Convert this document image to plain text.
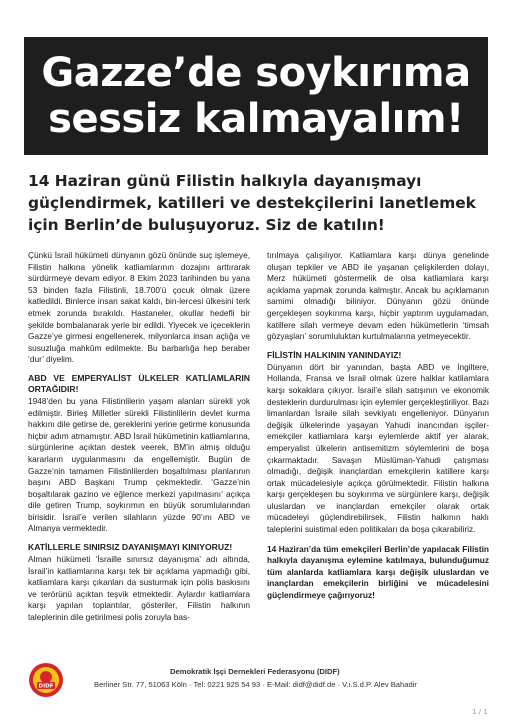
Gazze’de soykırıma
sessiz kalmayalım!
14 Haziran günü Filistin halkıyla dayanışmayı güçlendirmek, katilleri ve destekçilerini lanetlemek için Berlin’de buluşuyoruz. Siz de katılın!

Çünkü İsrail hükümeti dünyanın gözü önünde suç işlemeye, Filistin halkına yönelik katliamlarının dozajını arttırarak sürdürmeye devam ediyor. 8 Ekim 2023 tarihinden bu yana 53 binden fazla Filistinli, 18.700’ü çocuk olmak üzere katledildi. Binlerce insan sakat kaldı, bin-lercesi ülkesini terk etmek zorunda bırakıldı. Hastaneler, okullar hedefli bir şekilde bombalanarak yerle bir edildi. Yiyecek ve içeceklerin Gazze’ye girmesi engellenerek, milyonlarca insan açlığa ve susuzluğa mahkûm edilmekte. Bu barbarlığa hep beraber ‘dur’ diyelim.

ABD VE EMPERYALİST ÜLKELER KATLİAMLARIN ORTAĞIDIR!

1948’den bu yana Filistinlilerin yaşam alanları sürekli yok edilmiştir. Birleş Milletler sürekli Filistinlilerin devlet kurma hakkını dile getirse de, gereklerini yerine getirme konusunda hiçbir adım atmamıştır. ABD İsrail hükümetinin katliamlarına, sürgünlerine açıktan destek veerek, BM’in almış olduğu kararların uygulanmasını da engellemiştir. Bugün de Gazze’nin tamamen Filistinlilerden boşaltılması planlarının başını ABD Başkanı Trump çekmektedir. ‘Gazze’nin boşaltılarak gazino ve eğlence merkezi yapılmasını’ açıkça dile getiren Trump, soykırımın en büyük sorumlularından birisidir. İsrail’e verilen silahların yüzde 90’ını ABD ve Almanya vermektedir.

KATİLLERLE SINIRSIZ DAYANIŞMAYI KINIYORUZ!

Alman hükümeti ‘İsraille sınırsız dayanışma’ adı altında, İsrail’in katliamlarına karşı tek bir açıklama yapmadığı gibi, katliamlara karşı çıkanları da susturmak için polis baskısını ve terörünü açıktan teşvik etmektedir. Aylardır katliamlara karşı yapılan toplantılar, gösteriler, Filistin halkının taleplerinin dile getirilmesi polis zoruyla bas-

tırılmaya çalışılıyor. Katliamlara karşı dünya genelinde oluşan tepkiler ve ABD ile yaşanan çelişkilerden dolayı, Merz hükümeti göstermelik de olsa katliamlara karşı açıklama yapmak zorunda kalmıştır. Ancak bu açıklamanın samimi olmadığı biliniyor. Dünyanın gözü önünde gerçekleşen soykırıma karşı, hiçbir yaptırım uygulamadan, katillere silah vermeye devam eden hükümetlerin ‘timsah gözyaşları’ sorumluluktan kurtulmalarına yetmeyecektir.

FİLİSTİN HALKININ YANINDAYIZ!

Dünyanın dört bir yanından, başta ABD ve İngiltere, Hollanda, Fransa ve İsrail olmak üzere halklar katliamlara karşı sokaklara çıkıyor. İsrail’e silah satışının ve ekonomik desteklerin durdurulması için eylemler gerçekleştiriliyor. Bazı limanlardan İsraile silah sevkiyatı engelleniyor. Dünyanın değişik ülkelerinde yaşayan Yahudi inancından işçiler-emekçiler katliamlara karşı eylemlerde aktif yer alarak, emperyalist ülkelerin antisemitizm söylemlerini de boşa çıkarmaktadır. Savaşın Müslüman-Yahudi çatışması olmadığı, değişik inançlardan emekçilerin katillere karşı ortak mücadelesiyle açıkça görülmektedir. Filistin halkına karşı gerçekleşen bu soykırıma ve sürgünlere karşı, değişik uluslardan ve inançlardan emekçiler olarak ortak mücadeleyi güçlendirebilirsek, Filistin halkının haklı taleplerini suistimal eden politikaları da boşa çıkarabiliriz.

14 Haziran’da tüm emekçileri Berlin’de yapılacak Filistin halkıyla dayanışma eylemine katılmaya, bulunduğumuz tüm alanlarda katliamlara karşı değişik uluslardan ve inançlardan emekçilerin birliğini ve mücadelesini güçlendirmeye çağırıyoruz!

DIDF
Demokratik İşçi Dernekleri Federasyonu (DIDF)
Berliner Str. 77, 51063 Köln · Tel: 0221 925 54 93 · E-Mail: didf@didf.de · V.i.S.d.P. Alev Bahadir
1 / 1
